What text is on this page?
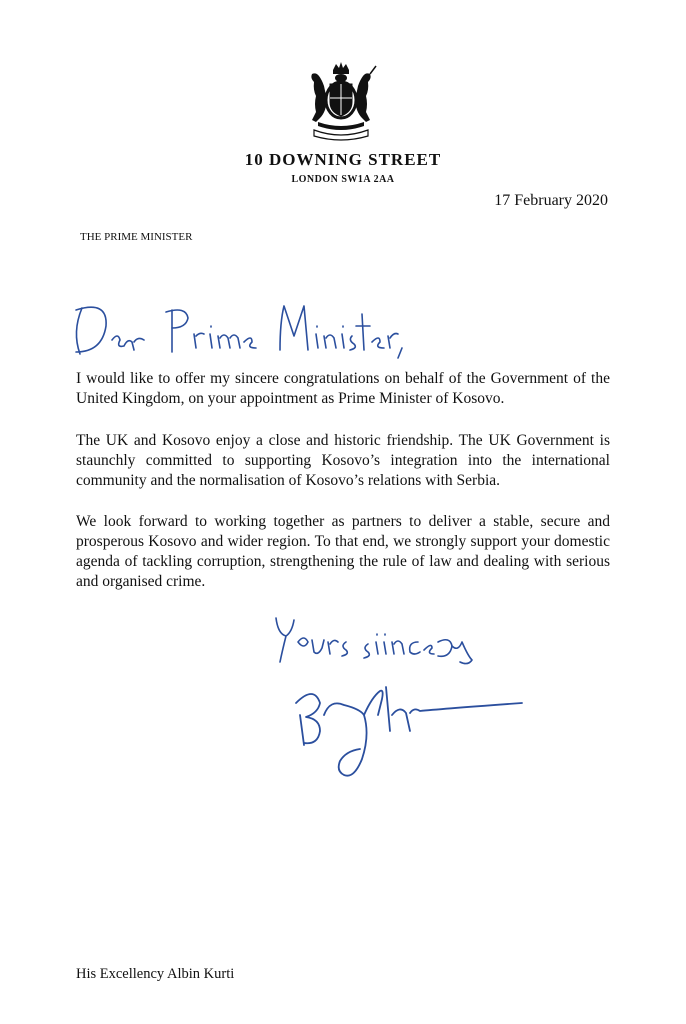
10 DOWNING STREET
LONDON SW1A 2AA
17 February 2020
THE PRIME MINISTER

I would like to offer my sincere congratulations on behalf of the Government of the United Kingdom, on your appointment as Prime Minister of Kosovo.

The UK and Kosovo enjoy a close and historic friendship. The UK Government is staunchly committed to supporting Kosovo’s integration into the international community and the normalisation of Kosovo’s relations with Serbia.

We look forward to working together as partners to deliver a stable, secure and prosperous Kosovo and wider region. To that end, we strongly support your domestic agenda of tackling corruption, strengthening the rule of law and dealing with serious and organised crime.

His Excellency Albin Kurti
